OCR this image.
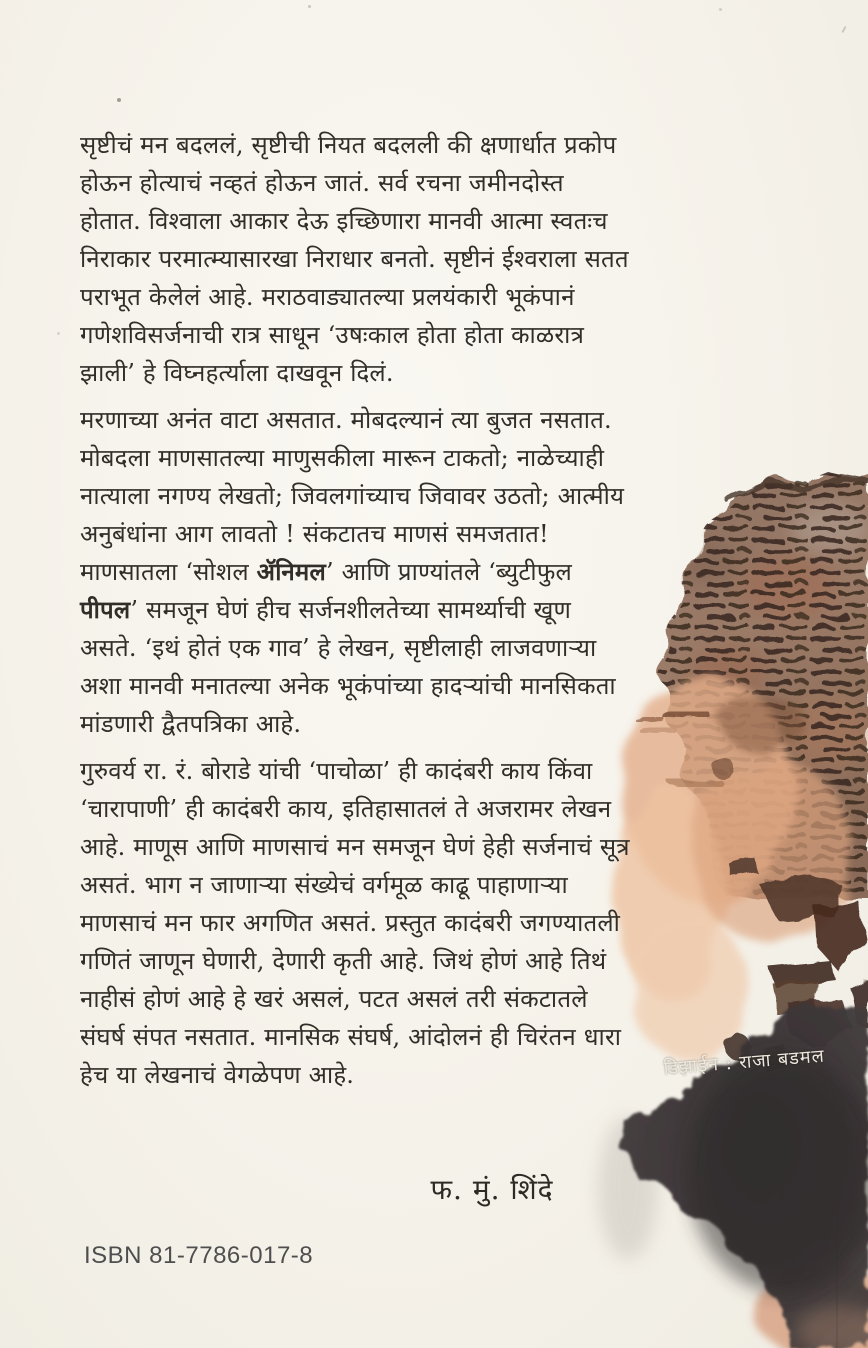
सृष्टीचं मन बदललं, सृष्टीची नियत बदलली की क्षणार्धात प्रकोप होऊन होत्याचं नव्हतं होऊन जातं. सर्व रचना जमीनदोस्त होतात. विश्वाला आकार देऊ इच्छिणारा मानवी आत्मा स्वतःच निराकार परमात्म्यासारखा निराधार बनतो. सृष्टीनं ईश्वराला सतत पराभूत केलेलं आहे. मराठवाड्यातल्या प्रलयंकारी भूकंपानं गणेशविसर्जनाची रात्र साधून ‘उषःकाल होता होता काळरात्र झाली’ हे विघ्नहर्त्याला दाखवून दिलं.

मरणाच्या अनंत वाटा असतात. मोबदल्यानं त्या बुजत नसतात. मोबदला माणसातल्या माणुसकीला मारून टाकतो; नाळेच्याही नात्याला नगण्य लेखतो; जिवलगांच्याच जिवावर उठतो; आत्मीय अनुबंधांना आग लावतो ! संकटातच माणसं समजतात! माणसातला ‘सोशल ॲनिमल’ आणि प्राण्यांतले ‘ब्युटीफुल पीपल’ समजून घेणं हीच सर्जनशीलतेच्या सामर्थ्याची खूण असते. ‘इथं होतं एक गाव’ हे लेखन, सृष्टीलाही लाजवणाऱ्या अशा मानवी मनातल्या अनेक भूकंपांच्या हादऱ्यांची मानसिकता मांडणारी द्वैतपत्रिका आहे.

गुरुवर्य रा. रं. बोराडे यांची ‘पाचोळा’ ही कादंबरी काय किंवा ‘चारापाणी’ ही कादंबरी काय, इतिहासातलं ते अजरामर लेखन आहे. माणूस आणि माणसाचं मन समजून घेणं हेही सर्जनाचं सूत्र असतं. भाग न जाणाऱ्या संख्येचं वर्गमूळ काढू पाहाणाऱ्या माणसाचं मन फार अगणित असतं. प्रस्तुत कादंबरी जगण्यातली गणितं जाणून घेणारी, देणारी कृती आहे. जिथं होणं आहे तिथं नाहीसं होणं आहे हे खरं असलं, पटत असलं तरी संकटातले संघर्ष संपत नसतात. मानसिक संघर्ष, आंदोलनं ही चिरंतन धारा हेच या लेखनाचं वेगळेपण आहे.

फ. मुं. शिंदे
डिझाईन : राजा बडमल
ISBN 81-7786-017-8
